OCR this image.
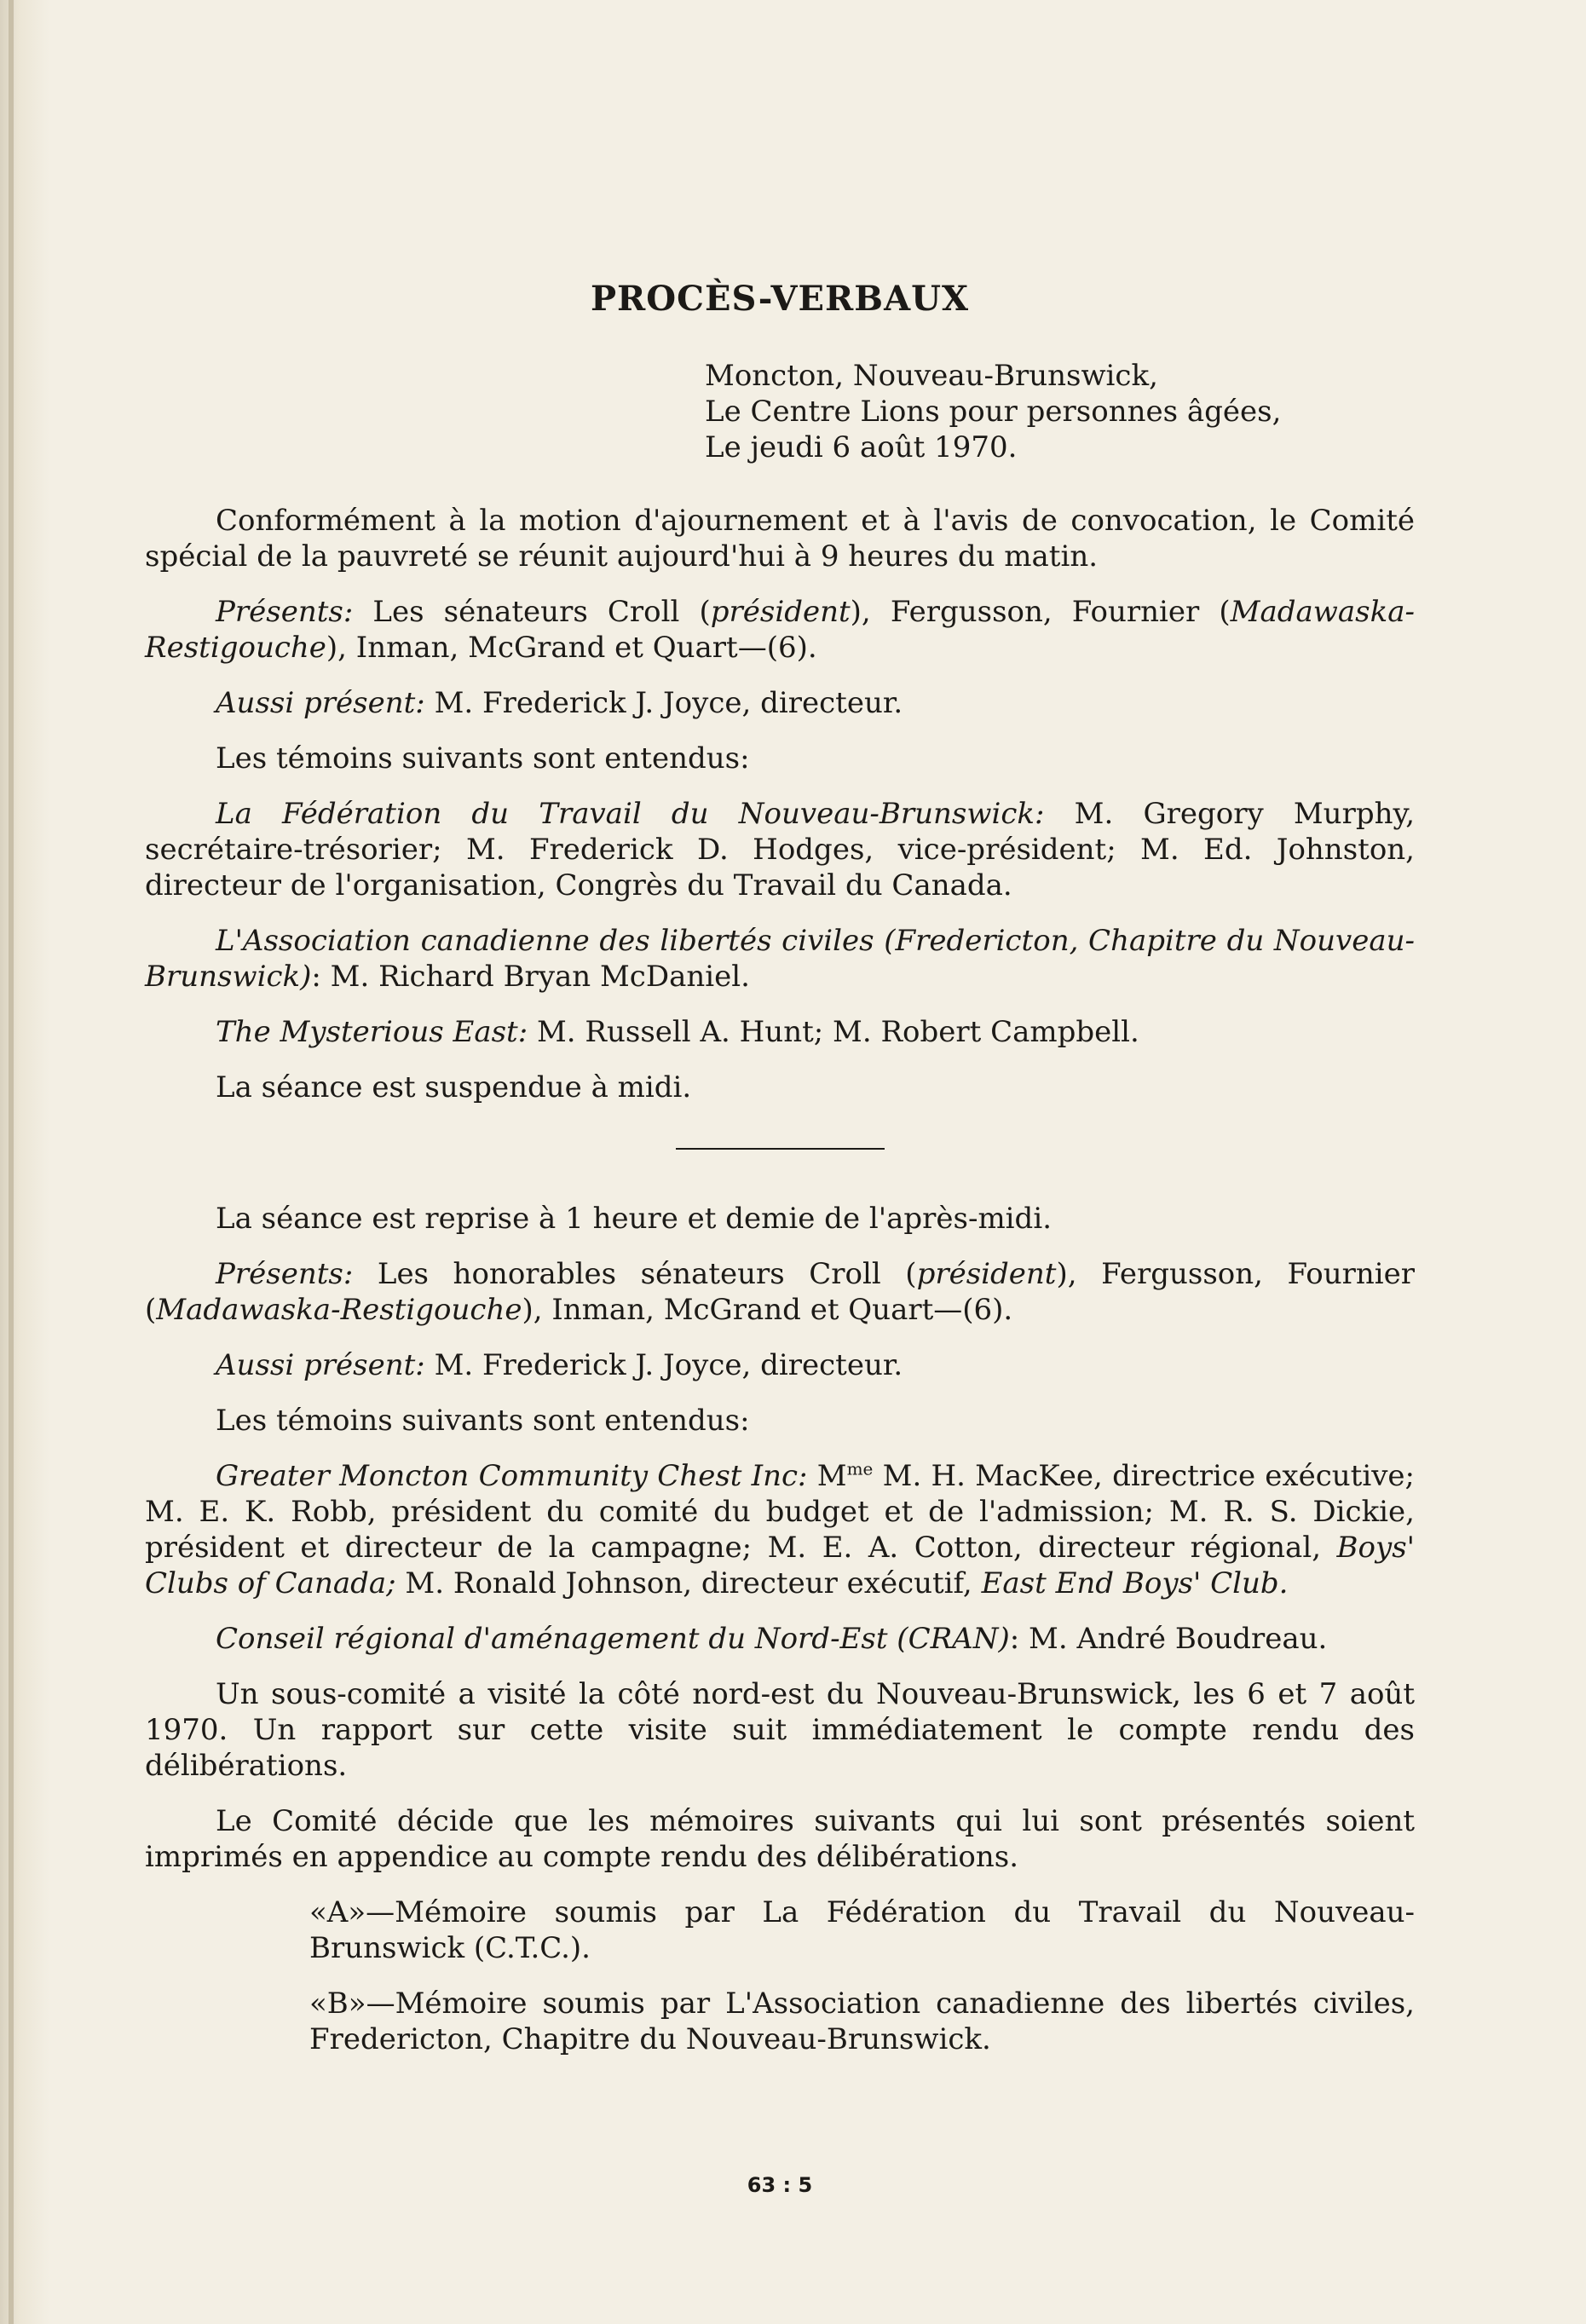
PROCÈS-VERBAUX
Moncton, Nouveau-Brunswick,
Le Centre Lions pour personnes âgées,
Le jeudi 6 août 1970.

Conformément à la motion d'ajournement et à l'avis de convocation, le Comité spécial de la pauvreté se réunit aujourd'hui à 9 heures du matin.

Présents: Les sénateurs Croll (président), Fergusson, Fournier (Madawaska-Restigouche), Inman, McGrand et Quart—(6).

Aussi présent: M. Frederick J. Joyce, directeur.

Les témoins suivants sont entendus:

La Fédération du Travail du Nouveau-Brunswick: M. Gregory Murphy, secrétaire-trésorier; M. Frederick D. Hodges, vice-président; M. Ed. Johnston, directeur de l'organisation, Congrès du Travail du Canada.

L'Association canadienne des libertés civiles (Fredericton, Chapitre du Nouveau-Brunswick): M. Richard Bryan McDaniel.

The Mysterious East: M. Russell A. Hunt; M. Robert Campbell.

La séance est suspendue à midi.

La séance est reprise à 1 heure et demie de l'après-midi.

Présents: Les honorables sénateurs Croll (président), Fergusson, Fournier (Madawaska-Restigouche), Inman, McGrand et Quart—(6).

Aussi présent: M. Frederick J. Joyce, directeur.

Les témoins suivants sont entendus:

Greater Moncton Community Chest Inc: $M^{me}$ M. H. MacKee, directrice exécutive; M. E. K. Robb, président du comité du budget et de l'admission; M. R. S. Dickie, président et directeur de la campagne; M. E. A. Cotton, directeur régional, Boys' Clubs of Canada; M. Ronald Johnson, directeur exécutif, East End Boys' Club.

Conseil régional d'aménagement du Nord-Est (CRAN): M. André Boudreau.

Un sous-comité a visité la côté nord-est du Nouveau-Brunswick, les 6 et 7 août 1970. Un rapport sur cette visite suit immédiatement le compte rendu des délibérations.

Le Comité décide que les mémoires suivants qui lui sont présentés soient imprimés en appendice au compte rendu des délibérations.

«A»—Mémoire soumis par La Fédération du Travail du Nouveau-Brunswick (C.T.C.).

«B»—Mémoire soumis par L'Association canadienne des libertés civiles, Fredericton, Chapitre du Nouveau-Brunswick.

63 : 5
